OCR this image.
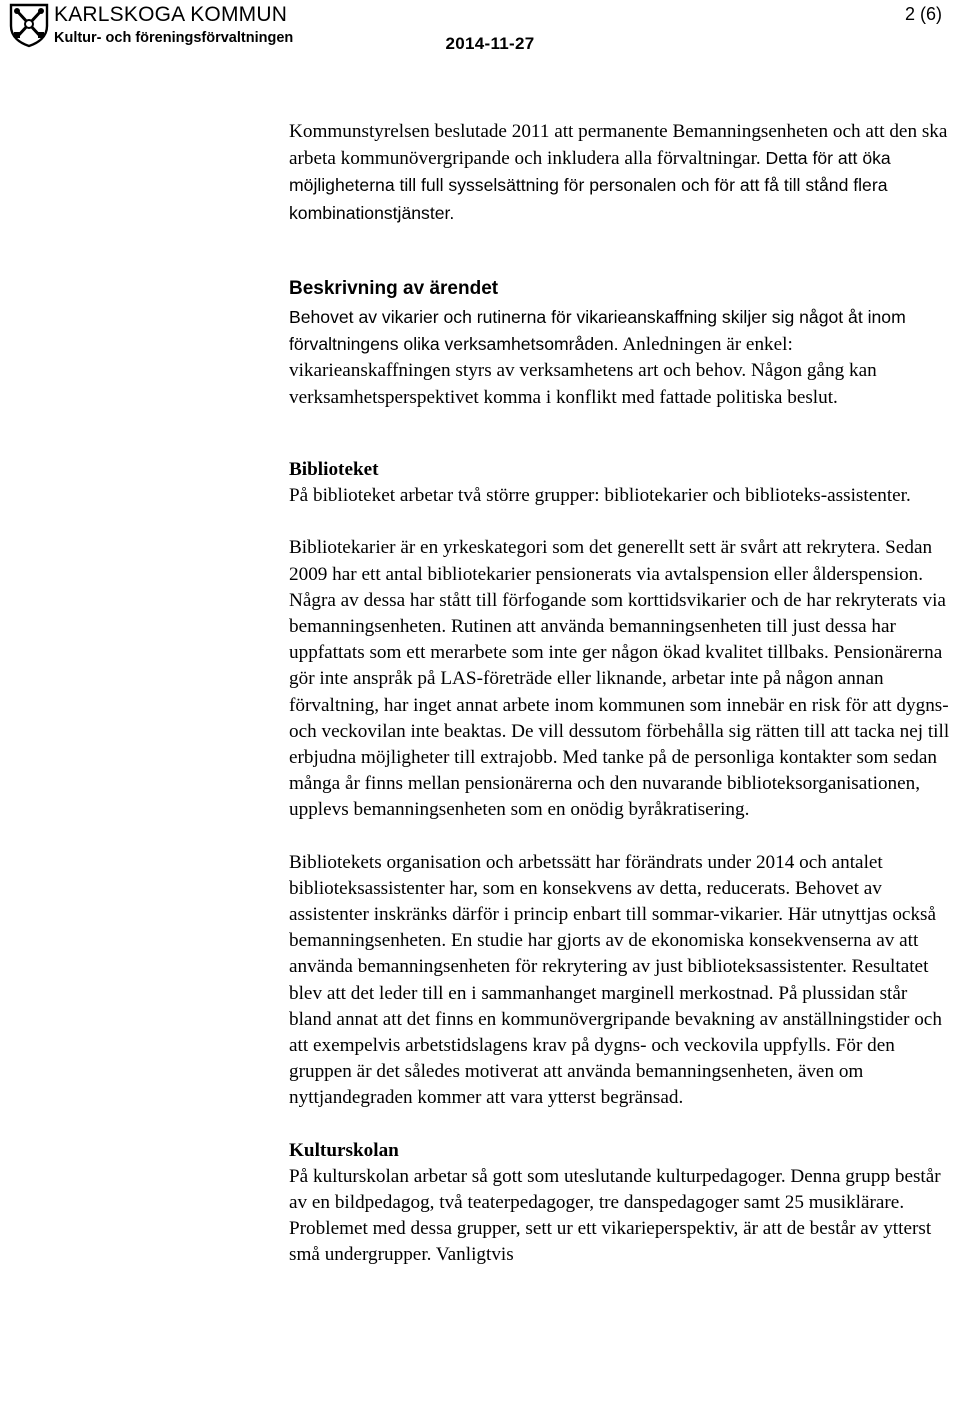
KARLSKOGA KOMMUN
Kultur- och föreningsförvaltningen
2 (6)
2014-11-27

Kommunstyrelsen beslutade 2011 att permanente Bemanningsenheten och att den ska arbeta kommunövergripande och inkludera alla förvaltningar. Detta för att öka möjligheterna till full sysselsättning för personalen och för att få till stånd flera kombinationstjänster.

Beskrivning av ärendet

Behovet av vikarier och rutinerna för vikarieanskaffning skiljer sig något åt inom förvaltningens olika verksamhetsområden. Anledningen är enkel: vikarieanskaffningen styrs av verksamhetens art och behov. Någon gång kan verksamhetsperspektivet komma i konflikt med fattade politiska beslut.

Biblioteket

På biblioteket arbetar två större grupper: bibliotekarier och biblioteks-assistenter.

Bibliotekarier är en yrkeskategori som det generellt sett är svårt att rekrytera. Sedan 2009 har ett antal bibliotekarier pensionerats via avtalspension eller ålderspension. Några av dessa har stått till förfogande som korttidsvikarier och de har rekryterats via bemanningsenheten. Rutinen att använda bemanningsenheten till just dessa har uppfattats som ett merarbete som inte ger någon ökad kvalitet tillbaks. Pensionärerna gör inte anspråk på LAS-företräde eller liknande, arbetar inte på någon annan förvaltning, har inget annat arbete inom kommunen som innebär en risk för att dygns- och veckovilan inte beaktas. De vill dessutom förbehålla sig rätten till att tacka nej till erbjudna möjligheter till extrajobb. Med tanke på de personliga kontakter som sedan många år finns mellan pensionärerna och den nuvarande biblioteksorganisationen, upplevs bemanningsenheten som en onödig byråkratisering.

Bibliotekets organisation och arbetssätt har förändrats under 2014 och antalet biblioteksassistenter har, som en konsekvens av detta, reducerats. Behovet av assistenter inskränks därför i princip enbart till sommar-vikarier. Här utnyttjas också bemanningsenheten. En studie har gjorts av de ekonomiska konsekvenserna av att använda bemanningsenheten för rekrytering av just biblioteksassistenter. Resultatet blev att det leder till en i sammanhanget marginell merkostnad. På plussidan står bland annat att det finns en kommunövergripande bevakning av anställningstider och att exempelvis arbetstidslagens krav på dygns- och veckovila uppfylls. För den gruppen är det således motiverat att använda bemanningsenheten, även om nyttjandegraden kommer att vara ytterst begränsad.

Kulturskolan

På kulturskolan arbetar så gott som uteslutande kulturpedagoger. Denna grupp består av en bildpedagog, två teaterpedagoger, tre danspedagoger samt 25 musiklärare. Problemet med dessa grupper, sett ur ett vikarieperspektiv, är att de består av ytterst små undergrupper. Vanligtvis
